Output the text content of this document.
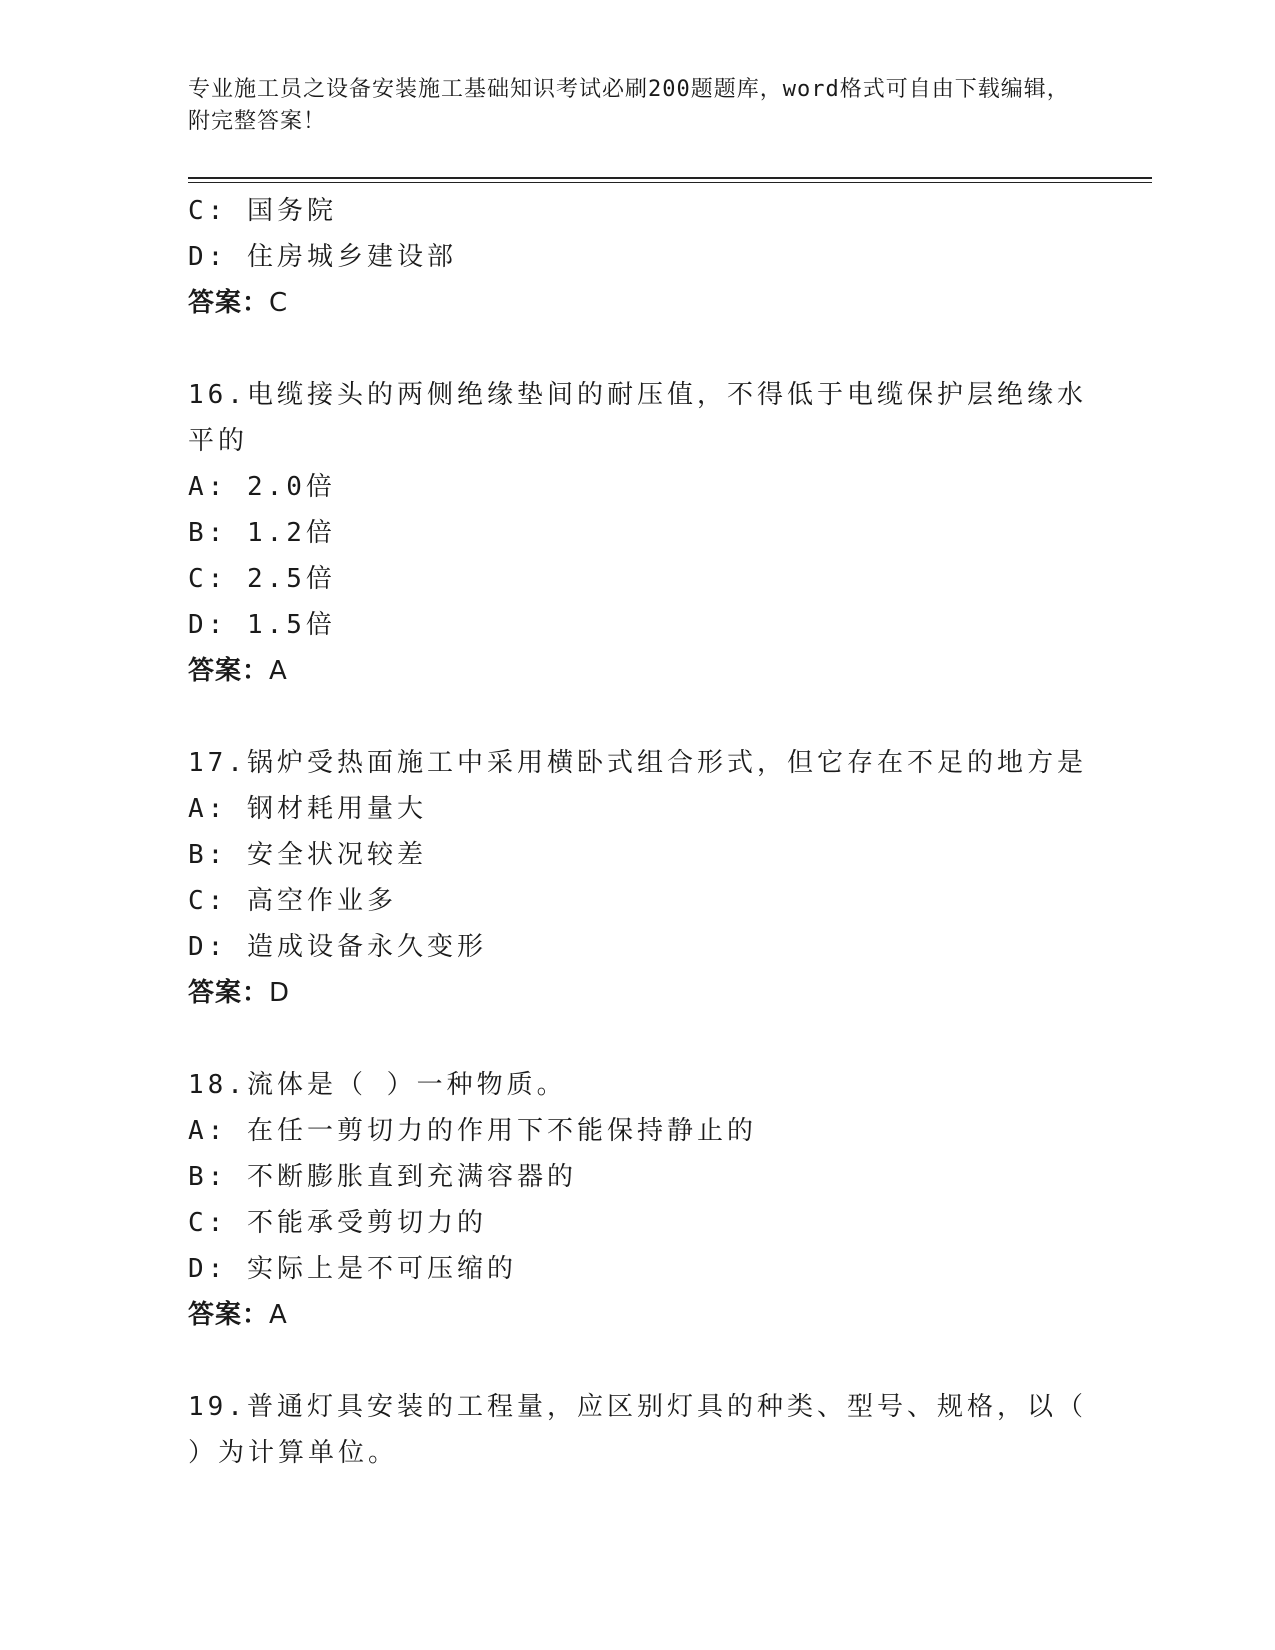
专业施工员之设备安装施工基础知识考试必刷200题题库，word格式可自由下载编辑，附完整答案！
C: 国务院
D: 住房城乡建设部
答案：C
16.电缆接头的两侧绝缘垫间的耐压值，不得低于电缆保护层绝缘水平的
A: 2.0倍
B: 1.2倍
C: 2.5倍
D: 1.5倍
答案：A
17.锅炉受热面施工中采用横卧式组合形式，但它存在不足的地方是
A: 钢材耗用量大
B: 安全状况较差
C: 高空作业多
D: 造成设备永久变形
答案：D
18.流体是（ ）一种物质。
A: 在任一剪切力的作用下不能保持静止的
B: 不断膨胀直到充满容器的
C: 不能承受剪切力的
D: 实际上是不可压缩的
答案：A
19.普通灯具安装的工程量，应区别灯具的种类、型号、规格，以（ ）为计算单位。
